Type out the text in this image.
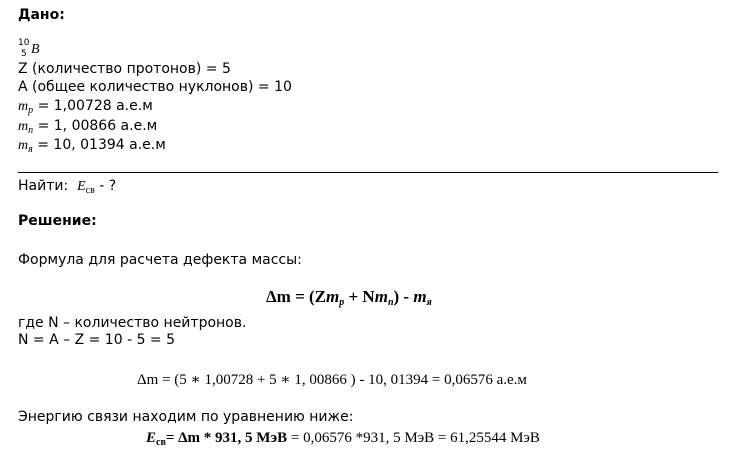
Дано:
10
5 B
Z (количество протонов) = 5
A (общее количество нуклонов) = 10
$m_p = 1,00728$ а.е.м
$m_n = 1$, 00866 а.е.м
$m_я = 10$, 01394 а.е.м
Найти: $E_{св}$ - ?
Решение:
Формула для расчета дефекта массы:
$\Delta m = (Zm_p + Nm_n) - m_я$
где N – количество нейтронов.
N = A – Z = 10 - 5 = 5
Δm = (5 ∗ 1,00728 + 5 ∗ 1, 00866 ) - 10, 01394 = 0,06576 а.е.м
Энергию связи находим по уравнению ниже:
$E_{св}= \Delta m * 931$, 5 МэВ = 0,06576 *931, 5 МэВ = 61,25544 МэВ
